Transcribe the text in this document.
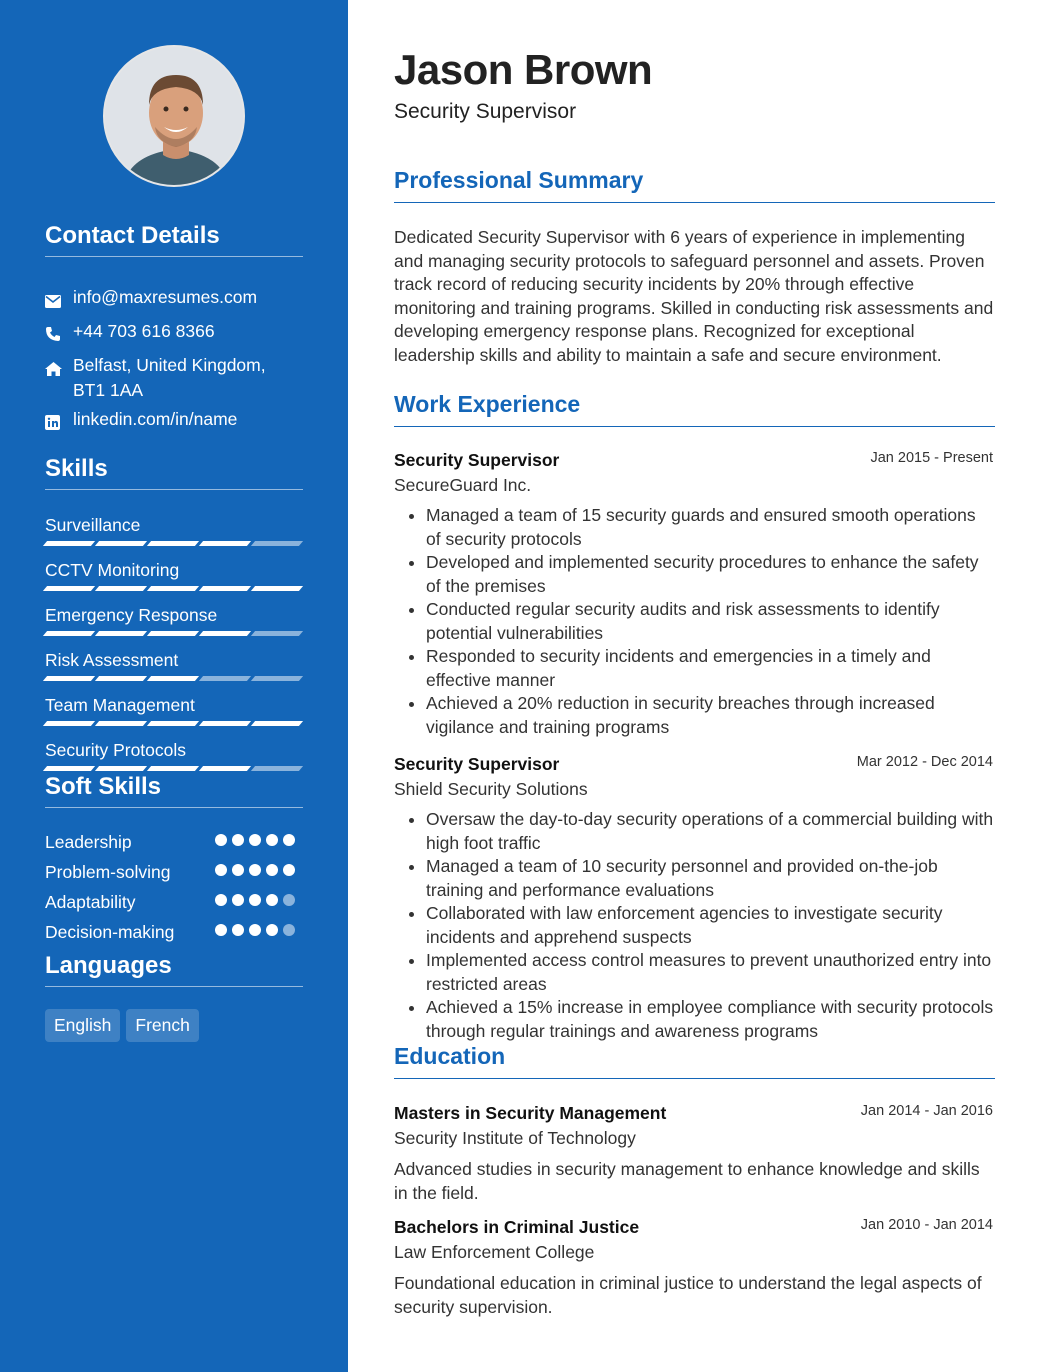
Contact Details
info@maxresumes.com
+44 703 616 8366
Belfast, United Kingdom, BT1 1AA
linkedin.com/in/name
Skills
Surveillance
CCTV Monitoring
Emergency Response
Risk Assessment
Team Management
Security Protocols
Soft Skills
Leadership
Problem-solving
Adaptability
Decision-making
Languages
English	French
Jason Brown
Security Supervisor
Professional Summary
Dedicated Security Supervisor with 6 years of experience in implementing and managing security protocols to safeguard personnel and assets. Proven track record of reducing security incidents by 20% through effective monitoring and training programs. Skilled in conducting risk assessments and developing emergency response plans. Recognized for exceptional leadership skills and ability to maintain a safe and secure environment.
Work Experience
Security Supervisor	Jan 2015 - Present
SecureGuard Inc.
• Managed a team of 15 security guards and ensured smooth operations of security protocols
• Developed and implemented security procedures to enhance the safety of the premises
• Conducted regular security audits and risk assessments to identify potential vulnerabilities
• Responded to security incidents and emergencies in a timely and effective manner
• Achieved a 20% reduction in security breaches through increased vigilance and training programs
Security Supervisor	Mar 2012 - Dec 2014
Shield Security Solutions
• Oversaw the day-to-day security operations of a commercial building with high foot traffic
• Managed a team of 10 security personnel and provided on-the-job training and performance evaluations
• Collaborated with law enforcement agencies to investigate security incidents and apprehend suspects
• Implemented access control measures to prevent unauthorized entry into restricted areas
• Achieved a 15% increase in employee compliance with security protocols through regular trainings and awareness programs
Education
Masters in Security Management	Jan 2014 - Jan 2016
Security Institute of Technology
Advanced studies in security management to enhance knowledge and skills in the field.
Bachelors in Criminal Justice	Jan 2010 - Jan 2014
Law Enforcement College
Foundational education in criminal justice to understand the legal aspects of security supervision.
